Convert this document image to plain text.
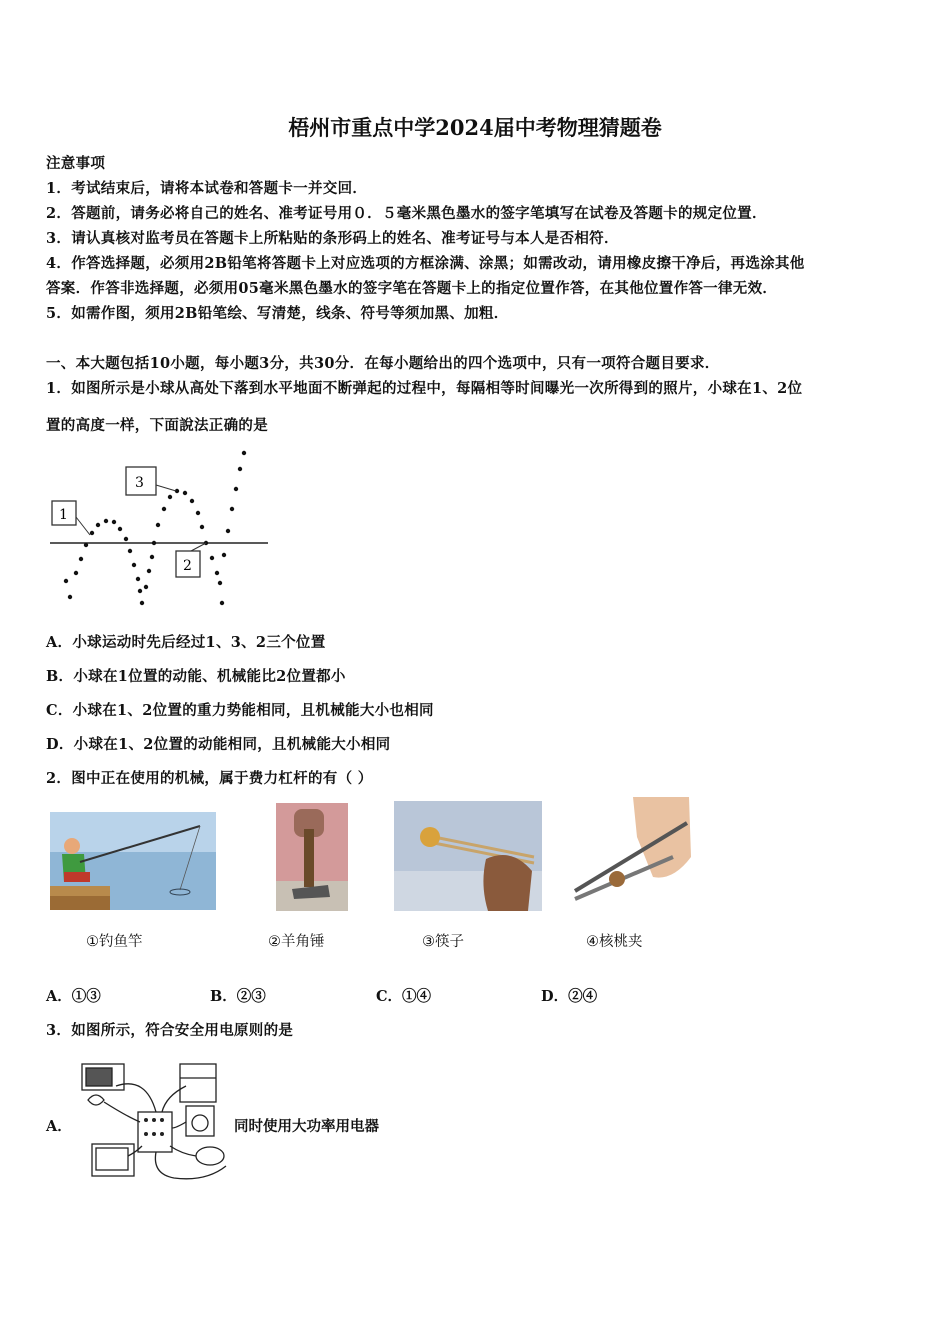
梧州市重点中学2024届中考物理猜题卷
注意事项
1．考试结束后，请将本试卷和答题卡一并交回．
2．答题前，请务必将自己的姓名、准考证号用０．５毫米黑色墨水的签字笔填写在试卷及答题卡的规定位置．
3．请认真核对监考员在答题卡上所粘贴的条形码上的姓名、准考证号与本人是否相符．
4．作答选择题，必须用2B铅笔将答题卡上对应选项的方框涂满、涂黑；如需改动，请用橡皮擦干净后，再选涂其他
答案．作答非选择题，必须用05毫米黑色墨水的签字笔在答题卡上的指定位置作答，在其他位置作答一律无效．
5．如需作图，须用2B铅笔绘、写清楚，线条、符号等须加黑、加粗．
一、本大题包括10小题，每小题3分，共30分．在每小题给出的四个选项中，只有一项符合题目要求．
1．如图所示是小球从高处下落到水平地面不断弹起的过程中，每隔相等时间曝光一次所得到的照片，小球在1、2位
置的高度一样，下面說法正确的是
1
3
2
A．小球运动时先后经过1、3、2三个位置
B．小球在1位置的动能、机械能比2位置都小
C．小球在1、2位置的重力势能相同，且机械能大小也相同
D．小球在1、2位置的动能相同，且机械能大小相同
2．图中正在使用的机械，属于费力杠杆的有（ ）
①钓鱼竿	②羊角锤	③筷子	④核桃夹
A．①③	B．②③	C．①④	D．②④
3．如图所示，符合安全用电原则的是
A．	同时使用大功率用电器
